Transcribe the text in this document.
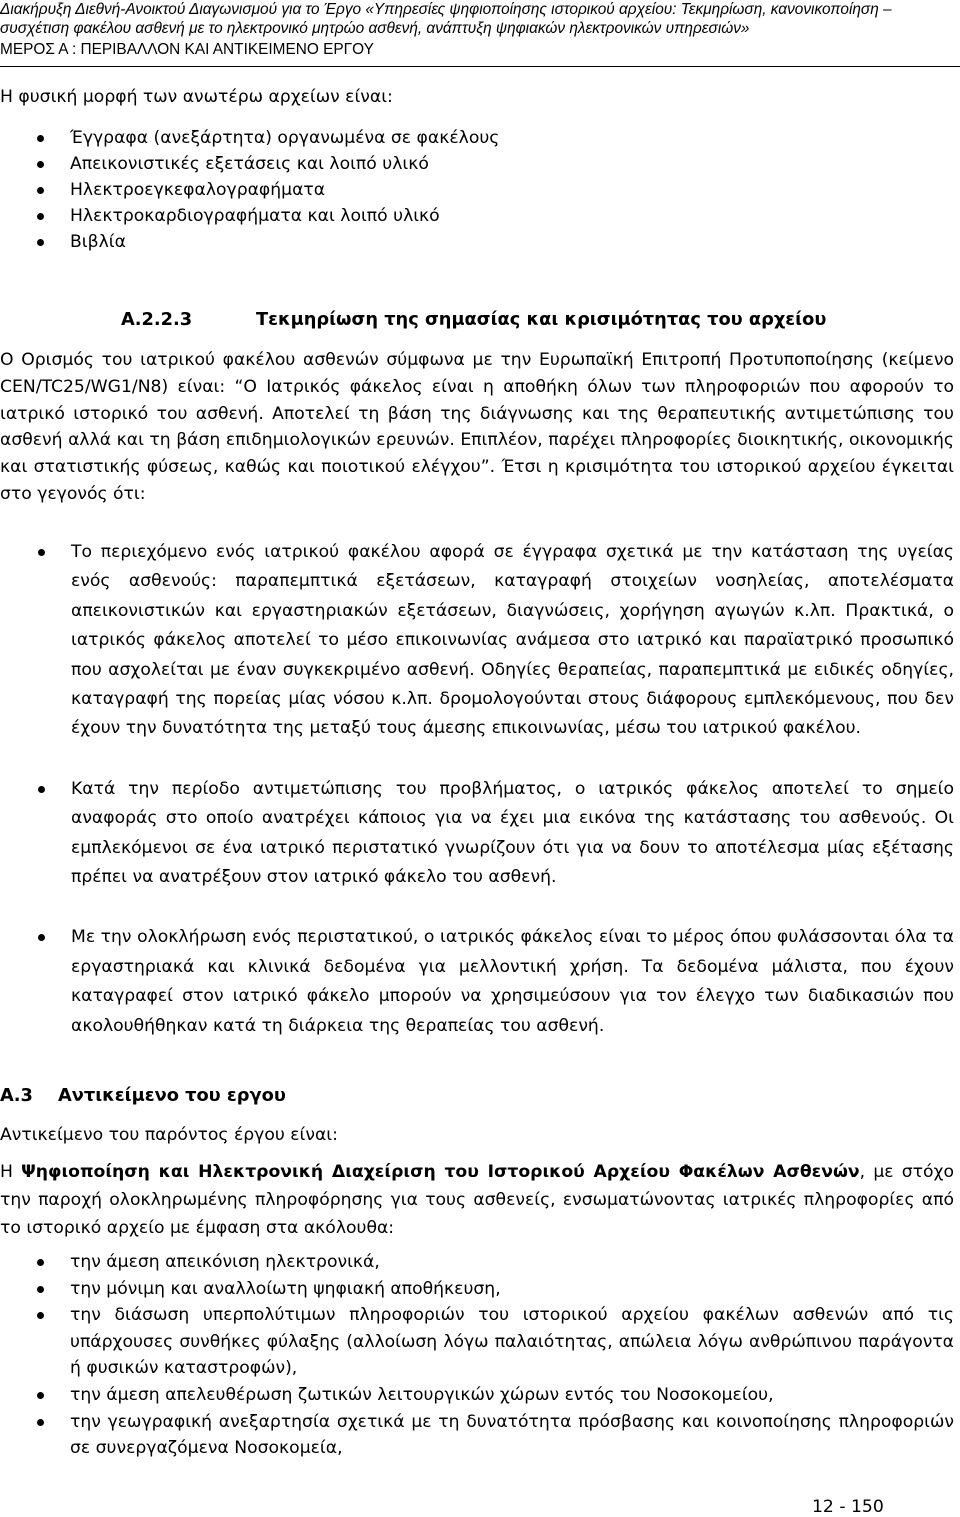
Διακήρυξη Διεθνή-Ανοικτού Διαγωνισμού για το Έργο «Υπηρεσίες ψηφιοποίησης ιστορικού αρχείου: Τεκμηρίωση, κανονικοποίηση –
συσχέτιση φακέλου ασθενή με το ηλεκτρονικό μητρώο ασθενή, ανάπτυξη ψηφιακών ηλεκτρονικών υπηρεσιών»
ΜΕΡΟΣ Α : ΠΕΡΙΒΑΛΛΟΝ ΚΑΙ ΑΝΤΙΚΕΙΜΕΝΟ ΕΡΓΟΥ
Η φυσική μορφή των ανωτέρω αρχείων είναι:
Έγγραφα (ανεξάρτητα) οργανωμένα σε φακέλους
Απεικονιστικές εξετάσεις και λοιπό υλικό
Ηλεκτροεγκεφαλογραφήματα
Ηλεκτροκαρδιογραφήματα και λοιπό υλικό
Βιβλία
Α.2.2.3	Τεκμηρίωση της σημασίας και κρισιμότητας του αρχείου
Ο Ορισμός του ιατρικού φακέλου ασθενών σύμφωνα με την Ευρωπαϊκή Επιτροπή Προτυποποίησης (κείμενο CEN/TC25/WG1/N8) είναι: “Ο Ιατρικός φάκελος είναι η αποθήκη όλων των πληροφοριών που αφορούν το ιατρικό ιστορικό του ασθενή. Αποτελεί τη βάση της διάγνωσης και της θεραπευτικής αντιμετώπισης του ασθενή αλλά και τη βάση επιδημιολογικών ερευνών. Επιπλέον, παρέχει πληροφορίες διοικητικής, οικονομικής και στατιστικής φύσεως, καθώς και ποιοτικού ελέγχου”. Έτσι η κρισιμότητα του ιστορικού αρχείου έγκειται στο γεγονός ότι:
Το περιεχόμενο ενός ιατρικού φακέλου αφορά σε έγγραφα σχετικά με την κατάσταση της υγείας ενός ασθενούς: παραπεμπτικά εξετάσεων, καταγραφή στοιχείων νοσηλείας, αποτελέσματα απεικονιστικών και εργαστηριακών εξετάσεων, διαγνώσεις, χορήγηση αγωγών κ.λπ. Πρακτικά, ο ιατρικός φάκελος αποτελεί το μέσο επικοινωνίας ανάμεσα στο ιατρικό και παραϊατρικό προσωπικό που ασχολείται με έναν συγκεκριμένο ασθενή. Οδηγίες θεραπείας, παραπεμπτικά με ειδικές οδηγίες, καταγραφή της πορείας μίας νόσου κ.λπ. δρομολογούνται στους διάφορους εμπλεκόμενους, που δεν έχουν την δυνατότητα της μεταξύ τους άμεσης επικοινωνίας, μέσω του ιατρικού φακέλου.
Κατά την περίοδο αντιμετώπισης του προβλήματος, ο ιατρικός φάκελος αποτελεί το σημείο αναφοράς στο οποίο ανατρέχει κάποιος για να έχει μια εικόνα της κατάστασης του ασθενούς. Οι εμπλεκόμενοι σε ένα ιατρικό περιστατικό γνωρίζουν ότι για να δουν το αποτέλεσμα μίας εξέτασης πρέπει να ανατρέξουν στον ιατρικό φάκελο του ασθενή.
Με την ολοκλήρωση ενός περιστατικού, ο ιατρικός φάκελος είναι το μέρος όπου φυλάσσονται όλα τα εργαστηριακά και κλινικά δεδομένα για μελλοντική χρήση. Τα δεδομένα μάλιστα, που έχουν καταγραφεί στον ιατρικό φάκελο μπορούν να χρησιμεύσουν για τον έλεγχο των διαδικασιών που ακολουθήθηκαν κατά τη διάρκεια της θεραπείας του ασθενή.
Α.3 Αντικείμενο του εργου
Αντικείμενο του παρόντος έργου είναι:
Η Ψηφιοποίηση και Ηλεκτρονική Διαχείριση του Ιστορικού Αρχείου Φακέλων Ασθενών, με στόχο την παροχή ολοκληρωμένης πληροφόρησης για τους ασθενείς, ενσωματώνοντας ιατρικές πληροφορίες από το ιστορικό αρχείο με έμφαση στα ακόλουθα:
την άμεση απεικόνιση ηλεκτρονικά,
την μόνιμη και αναλλοίωτη ψηφιακή αποθήκευση,
την διάσωση υπερπολύτιμων πληροφοριών του ιστορικού αρχείου φακέλων ασθενών από τις υπάρχουσες συνθήκες φύλαξης (αλλοίωση λόγω παλαιότητας, απώλεια λόγω ανθρώπινου παράγοντα ή φυσικών καταστροφών),
την άμεση απελευθέρωση ζωτικών λειτουργικών χώρων εντός του Νοσοκομείου,
την γεωγραφική ανεξαρτησία σχετικά με τη δυνατότητα πρόσβασης και κοινοποίησης πληροφοριών σε συνεργαζόμενα Νοσοκομεία,
12 - 150
